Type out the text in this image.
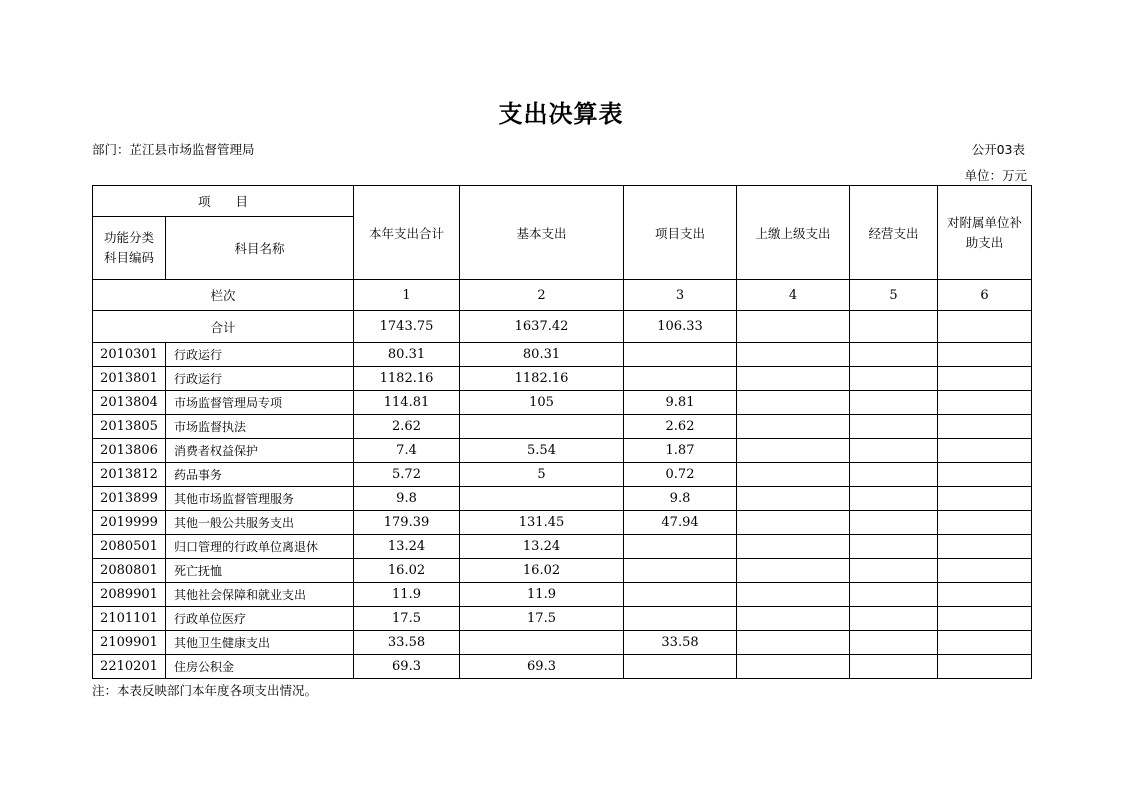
支出决算表
部门：芷江县市场监督管理局	公开03表
单位：万元
项　　目		本年支出合计	基本支出	项目支出	上缴上级支出	经营支出	对附属单位补助支出
功能分类科目编码	科目名称						
栏次		1	2	3	4	5	6
合计		1743.75	1637.42	106.33			
2010301	行政运行	80.31	80.31				
2013801	行政运行	1182.16	1182.16				
2013804	市场监督管理局专项	114.81	105	9.81			
2013805	市场监督执法	2.62		2.62			
2013806	消费者权益保护	7.4	5.54	1.87			
2013812	药品事务	5.72	5	0.72			
2013899	其他市场监督管理服务	9.8		9.8			
2019999	其他一般公共服务支出	179.39	131.45	47.94			
2080501	归口管理的行政单位离退休	13.24	13.24				
2080801	死亡抚恤	16.02	16.02				
2089901	其他社会保障和就业支出	11.9	11.9				
2101101	行政单位医疗	17.5	17.5				
2109901	其他卫生健康支出	33.58		33.58			
2210201	住房公积金	69.3	69.3				
注：本表反映部门本年度各项支出情况。
